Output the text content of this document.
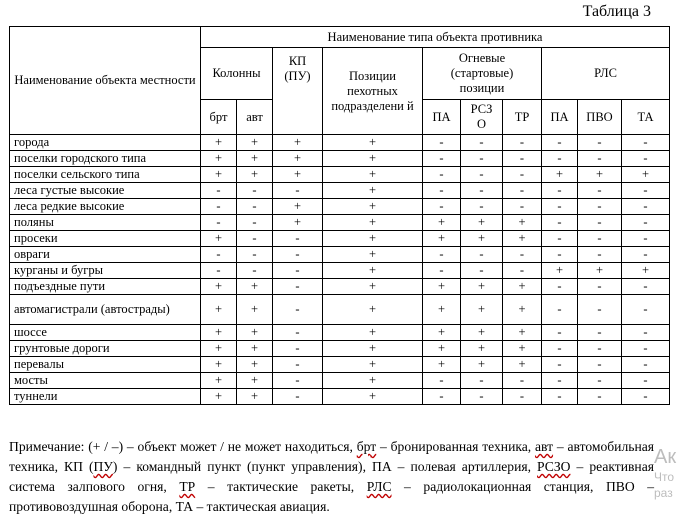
Таблица 3
Наименование объекта местности	Наименование типа объекта противника									
	Колонны		КП (ПУ)	Позиции пехотных подразделени й	Огневые (стартовые) позиции			РЛС		
	брт	авт			ПА	РСЗ О	ТР	ПА	ПВО	ТА
города	+	+	+	+	-	-	-	-	-	-
поселки городского типа	+	+	+	+	-	-	-	-	-	-
поселки сельского типа	+	+	+	+	-	-	-	+	+	+
леса густые высокие	-	-	-	+	-	-	-	-	-	-
леса редкие высокие	-	-	+	+	-	-	-	-	-	-
поляны	-	-	+	+	+	+	+	-	-	-
просеки	+	-	-	+	+	+	+	-	-	-
овраги	-	-	-	+	-	-	-	-	-	-
курганы и бугры	-	-	-	+	-	-	-	+	+	+
подъездные пути	+	+	-	+	+	+	+	-	-	-
автомагистрали (автострады)	+	+	-	+	+	+	+	-	-	-
шоссе	+	+	-	+	+	+	+	-	-	-
грунтовые дороги	+	+	-	+	+	+	+	-	-	-
перевалы	+	+	-	+	+	+	+	-	-	-
мосты	+	+	-	+	-	-	-	-	-	-
туннели	+	+	-	+	-	-	-	-	-	-
Примечание: (+ / –) – объект может / не может находиться, брт – бронированная техника, авт – автомобильная техника, КП (ПУ) – командный пункт (пункт управления), ПА – полевая артиллерия, РСЗО – реактивная система залпового огня, ТР – тактические ракеты, РЛС – радиолокационная станция, ПВО – противовоздушная оборона, ТА – тактическая авиация.
Ак
Что
раз
